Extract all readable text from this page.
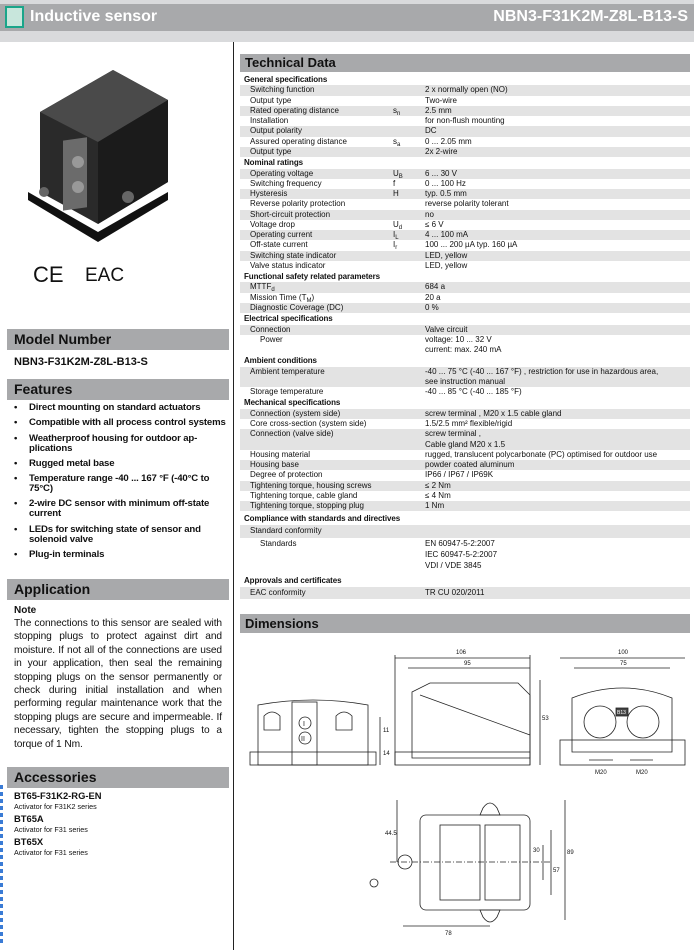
Inductive sensor	NBN3-F31K2M-Z8L-B13-S
CE EAC
Model Number
NBN3-F31K2M-Z8L-B13-S
Features
• Direct mounting on standard actuators
• Compatible with all process control systems
• Weatherproof housing for outdoor ap-plications
• Rugged metal base
• Temperature range -40 ... 167 °F (-40°C to 75°C)
• 2-wire DC sensor with minimum off-state current
• LEDs for switching state of sensor and solenoid valve
• Plug-in terminals
Application
Note
The connections to this sensor are sealed with stopping plugs to protect against dirt and moisture. If not all of the connections are used in your application, then seal the remaining stopping plugs on the sensor permanently or check during initial installation and when performing regular maintenance work that the stopping plugs are secure and impermeable. If necessary, tighten the stopping plugs to a torque of 1 Nm.
Accessories
BT65-F31K2-RG-EN
Activator for F31K2 series
BT65A
Activator for F31 series
BT65X
Activator for F31 series
Technical Data
General specifications
Switching function	2 x normally open (NO)
Output type	Two-wire
Rated operating distance	$s_n$	2.5 mm
Installation	for non-flush mounting
Output polarity	DC
Assured operating distance	$s_a$	0 ... 2.05 mm
Output type	2x 2-wire
Nominal ratings
Operating voltage	$U_B$	6 ... 30 V
Switching frequency	f	0 ... 100 Hz
Hysteresis	H	typ. 0.5 mm
Reverse polarity protection	reverse polarity tolerant
Short-circuit protection	no
Voltage drop	$U_d$	≤ 6 V
Operating current	$I_L$	4 ... 100 mA
Off-state current	$I_r$	100 ... 200 µA typ. 160 µA
Switching state indicator	LED, yellow
Valve status indicator	LED, yellow
Functional safety related parameters
$MTTF_d$	684 a
Mission Time $(T_M)$	20 a
Diagnostic Coverage (DC)	0 %
Electrical specifications
Connection	Valve circuit
Power	voltage: 10 ... 32 V
current: max. 240 mA
Ambient conditions
Ambient temperature	-40 ... 75 °C (-40 ... 167 °F) , restriction for use in hazardous area,
see instruction manual
Storage temperature	-40 ... 85 °C (-40 ... 185 °F)
Mechanical specifications
Connection (system side)	screw terminal , M20 x 1.5 cable gland
Core cross-section (system side)	1.5/2.5 mm² flexible/rigid
Connection (valve side)	screw terminal ,
Cable gland M20 x 1.5
Housing material	rugged, translucent polycarbonate (PC) optimised for outdoor use
Housing base	powder coated aluminum
Degree of protection	IP66 / IP67 / IP69K
Tightening torque, housing screws	≤ 2 Nm
Tightening torque, cable gland	≤ 4 Nm
Tightening torque, stopping plug	1 Nm
Compliance with standards and directives
Standard conformity

Standards	EN 60947-5-2:2007
IEC 60947-5-2:2007
VDI / VDE 3845
Approvals and certificates
EAC conformity	TR CU 020/2011
Dimensions
I
II
11
14
106
95
53
B13
100
75
M20	M20
44.5
30
57
89
78
